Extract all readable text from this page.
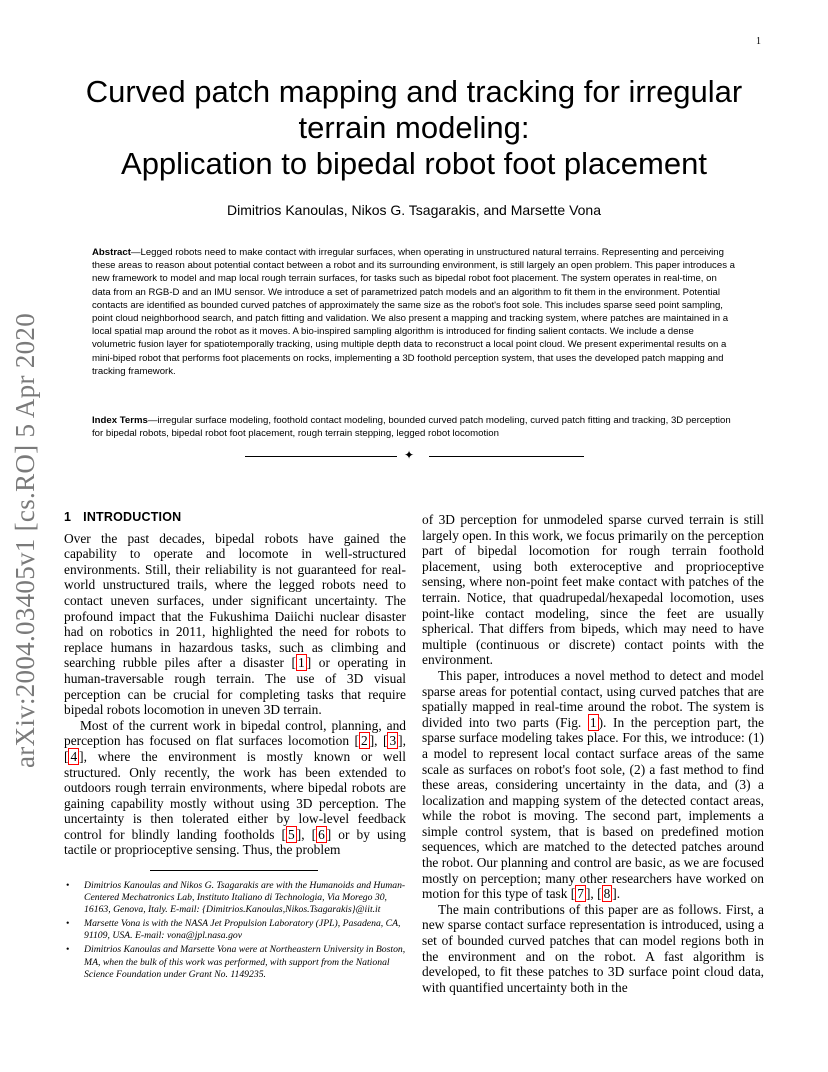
1
arXiv:2004.03405v1 [cs.RO] 5 Apr 2020
Curved patch mapping and tracking for irregular
terrain modeling:
Application to bipedal robot foot placement
Dimitrios Kanoulas, Nikos G. Tsagarakis, and Marsette Vona
Abstract—Legged robots need to make contact with irregular surfaces, when operating in unstructured natural terrains. Representing and perceiving these areas to reason about potential contact between a robot and its surrounding environment, is still largely an open problem. This paper introduces a new framework to model and map local rough terrain surfaces, for tasks such as bipedal robot foot placement. The system operates in real-time, on data from an RGB-D and an IMU sensor. We introduce a set of parametrized patch models and an algorithm to fit them in the environment. Potential contacts are identified as bounded curved patches of approximately the same size as the robot's foot sole. This includes sparse seed point sampling, point cloud neighborhood search, and patch fitting and validation. We also present a mapping and tracking system, where patches are maintained in a local spatial map around the robot as it moves. A bio-inspired sampling algorithm is introduced for finding salient contacts. We include a dense volumetric fusion layer for spatiotemporally tracking, using multiple depth data to reconstruct a local point cloud. We present experimental results on a mini-biped robot that performs foot placements on rocks, implementing a 3D foothold perception system, that uses the developed patch mapping and tracking framework.
Index Terms—irregular surface modeling, foothold contact modeling, bounded curved patch modeling, curved patch fitting and tracking, 3D perception for bipedal robots, bipedal robot foot placement, rough terrain stepping, legged robot locomotion
✦
1 INTRODUCTION

Over the past decades, bipedal robots have gained the capability to operate and locomote in well-structured environments. Still, their reliability is not guaranteed for real-world unstructured trails, where the legged robots need to contact uneven surfaces, under significant uncertainty. The profound impact that the Fukushima Daiichi nuclear disaster had on robotics in 2011, highlighted the need for robots to replace humans in hazardous tasks, such as climbing and searching rubble piles after a disaster [ 1 ] or operating in human-traversable rough terrain. The use of 3D visual perception can be crucial for completing tasks that require bipedal robots locomotion in uneven 3D terrain.

Most of the current work in bipedal control, planning, and perception has focused on flat surfaces locomotion [ 2 ], [ 3 ], [ 4 ], where the environment is mostly known or well structured. Only recently, the work has been extended to outdoors rough terrain environments, where bipedal robots are gaining capability mostly without using 3D perception. The uncertainty is then tolerated either by low-level feedback control for blindly landing footholds [ 5 ], [ 6 ] or by using tactile or proprioceptive sensing. Thus, the problem

• Dimitrios Kanoulas and Nikos G. Tsagarakis are with the Humanoids and Human-Centered Mechatronics Lab, Instituto Italiano di Technologia, Via Morego 30, 16163, Genova, Italy. E-mail: {Dimitrios.Kanoulas,Nikos.Tsagarakis}@iit.it
• Marsette Vona is with the NASA Jet Propulsion Laboratory (JPL), Pasadena, CA, 91109, USA. E-mail: vona@jpl.nasa.gov
• Dimitrios Kanoulas and Marsette Vona were at Northeastern University in Boston, MA, when the bulk of this work was performed, with support from the National Science Foundation under Grant No. 1149235.

of 3D perception for unmodeled sparse curved terrain is still largely open. In this work, we focus primarily on the perception part of bipedal locomotion for rough terrain foothold placement, using both exteroceptive and proprioceptive sensing, where non-point feet make contact with patches of the terrain. Notice, that quadrupedal/hexapedal locomotion, uses point-like contact modeling, since the feet are usually spherical. That differs from bipeds, which may need to have multiple (continuous or discrete) contact points with the environment.

This paper, introduces a novel method to detect and model sparse areas for potential contact, using curved patches that are spatially mapped in real-time around the robot. The system is divided into two parts (Fig. 1 ). In the perception part, the sparse surface modeling takes place. For this, we introduce: (1) a model to represent local contact surface areas of the same scale as surfaces on robot's foot sole, (2) a fast method to find these areas, considering uncertainty in the data, and (3) a localization and mapping system of the detected contact areas, while the robot is moving. The second part, implements a simple control system, that is based on predefined motion sequences, which are matched to the detected patches around the robot. Our planning and control are basic, as we are focused mostly on perception; many other researchers have worked on motion for this type of task [ 7 ], [ 8 ].

The main contributions of this paper are as follows. First, a new sparse contact surface representation is introduced, using a set of bounded curved patches that can model regions both in the environment and on the robot. A fast algorithm is developed, to fit these patches to 3D surface point cloud data, with quantified uncertainty both in the
